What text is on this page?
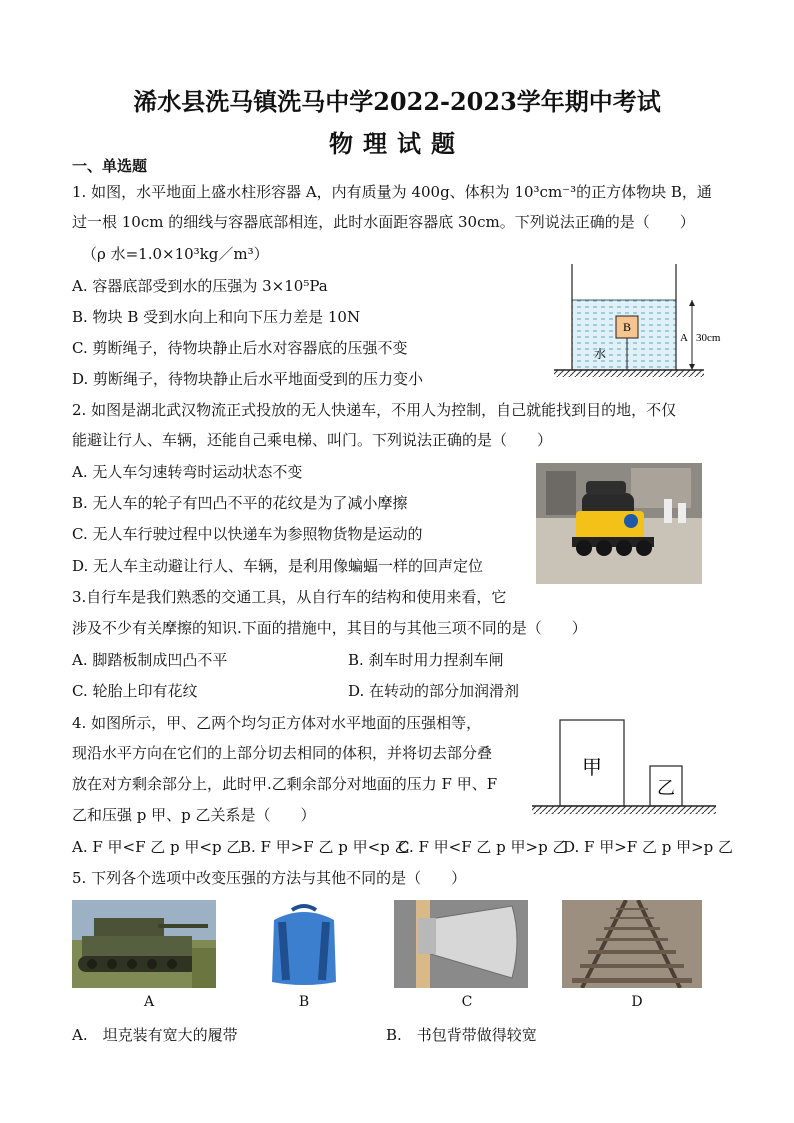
浠水县洗马镇洗马中学2022-2023学年期中考试
物理试题
一、单选题
1. 如图，水平地面上盛水柱形容器 A，内有质量为 400g、体积为 10³cm⁻³的正方体物块 B，通
过一根 10cm 的细线与容器底部相连，此时水面距容器底 30cm。下列说法正确的是（　　）
（ρ 水=1.0×10³kg／m³）
A. 容器底部受到水的压强为 3×10⁵Pa
B. 物块 B 受到水向上和向下压力差是 10N
C. 剪断绳子，待物块静止后水对容器底的压强不变
D. 剪断绳子，待物块静止后水平地面受到的压力变小
B
水
A 30cm
2. 如图是湖北武汉物流正式投放的无人快递车，不用人为控制，自己就能找到目的地，不仅
能避让行人、车辆，还能自己乘电梯、叫门。下列说法正确的是（　　）
A. 无人车匀速转弯时运动状态不变
B. 无人车的轮子有凹凸不平的花纹是为了减小摩擦
C. 无人车行驶过程中以快递车为参照物货物是运动的
D. 无人车主动避让行人、车辆，是利用像蝙蝠一样的回声定位
3.自行车是我们熟悉的交通工具，从自行车的结构和使用来看，它
涉及不少有关摩擦的知识.下面的措施中，其目的与其他三项不同的是（　　）
A. 脚踏板制成凹凸不平	B. 刹车时用力捏刹车闸
C. 轮胎上印有花纹	D. 在转动的部分加润滑剂
4. 如图所示，甲、乙两个均匀正方体对水平地面的压强相等，
现沿水平方向在它们的上部分切去相同的体积，并将切去部分叠
放在对方剩余部分上，此时甲.乙剩余部分对地面的压力 F 甲、F
乙和压强 p 甲、p 乙关系是（　　）
甲
乙
A. F 甲<F 乙 p 甲<p 乙
B. F 甲>F 乙 p 甲<p 乙
C. F 甲<F 乙 p 甲>p 乙
D. F 甲>F 乙 p 甲>p 乙
5. 下列各个选项中改变压强的方法与其他不同的是（　　）
A	B	C	D
A.　坦克装有宽大的履带	B.　书包背带做得较宽
